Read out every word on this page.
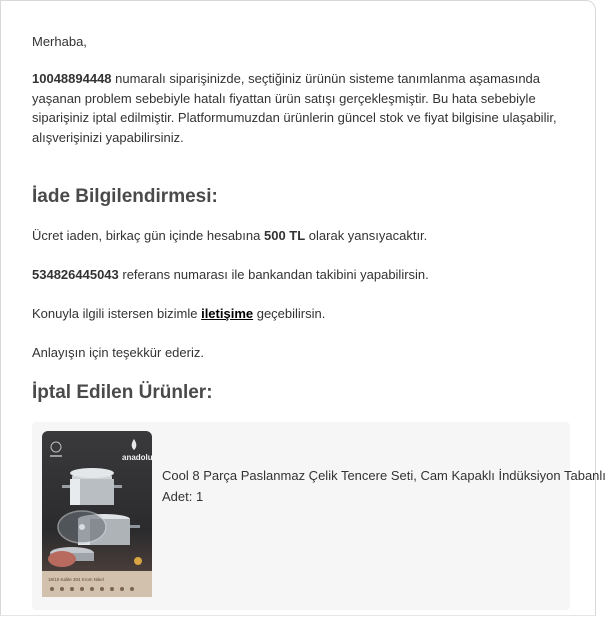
Merhaba,

10048894448 numaralı siparişinizde, seçtiğiniz ürünün sisteme tanımlanma aşamasında yaşanan problem sebebiyle hatalı fiyattan ürün satışı gerçekleşmiştir. Bu hata sebebiyle siparişiniz iptal edilmiştir. Platformumuzdan ürünlerin güncel stok ve fiyat bilgisine ulaşabilir, alışverişinizi yapabilirsiniz.

İade Bilgilendirmesi:

Ücret iaden, birkaç gün içinde hesabına 500 TL olarak yansıyacaktır.

534826445043 referans numarası ile bankandan takibini yapabilirsin.

Konuyla ilgili istersen bizimle iletişime geçebilirsin.

Anlayışın için teşekkür ederiz.

İptal Edilen Ürünler:
anadolu
18/10 Kalite 304 Krom Nikel
Cool 8 Parça Paslanmaz Çelik Tencere Seti, Cam Kapaklı İndüksiyon Tabanlı
Adet: 1
